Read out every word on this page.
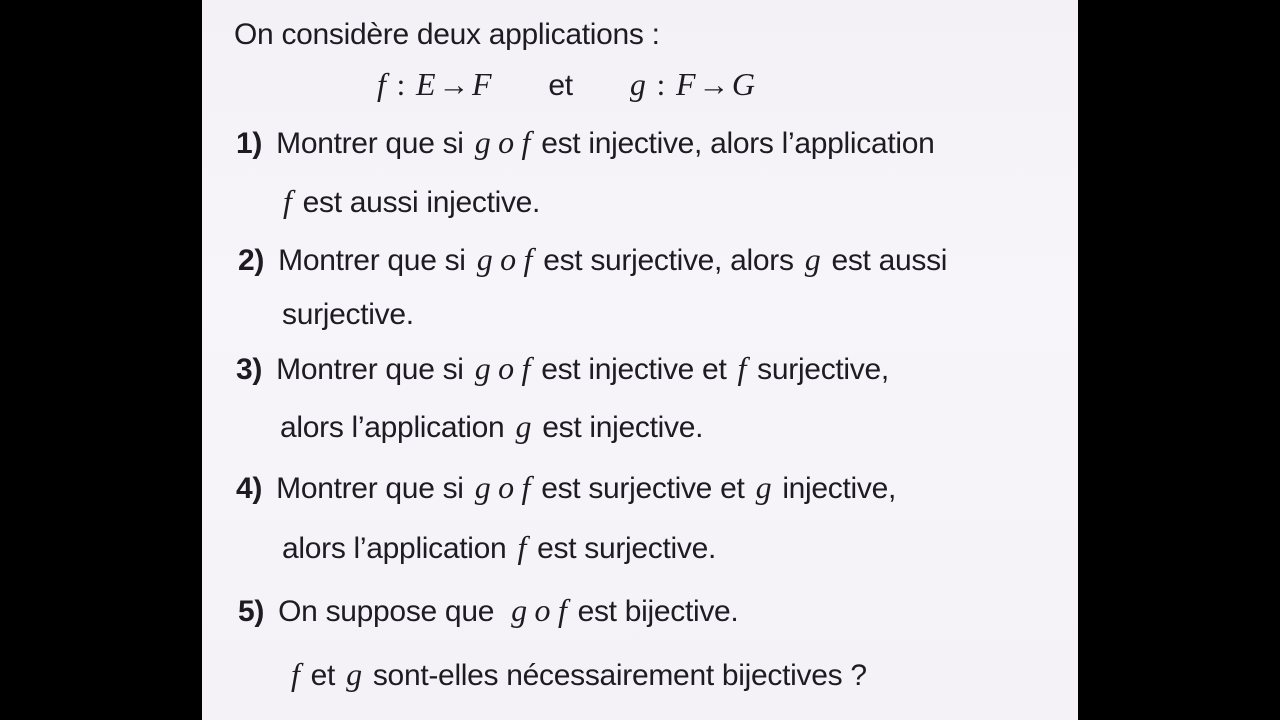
On considère deux applications :
f : E→F et g : F→G
1) Montrer que si g o f est injective, alors l’application
f est aussi injective.
2) Montrer que si g o f est surjective, alors g est aussi
surjective.
3) Montrer que si g o f est injective et f surjective,
alors l’application g est injective.
4) Montrer que si g o f est surjective et g injective,
alors l’application f est surjective.
5) On suppose que g o f est bijective.
f et g sont-elles nécessairement bijectives ?
